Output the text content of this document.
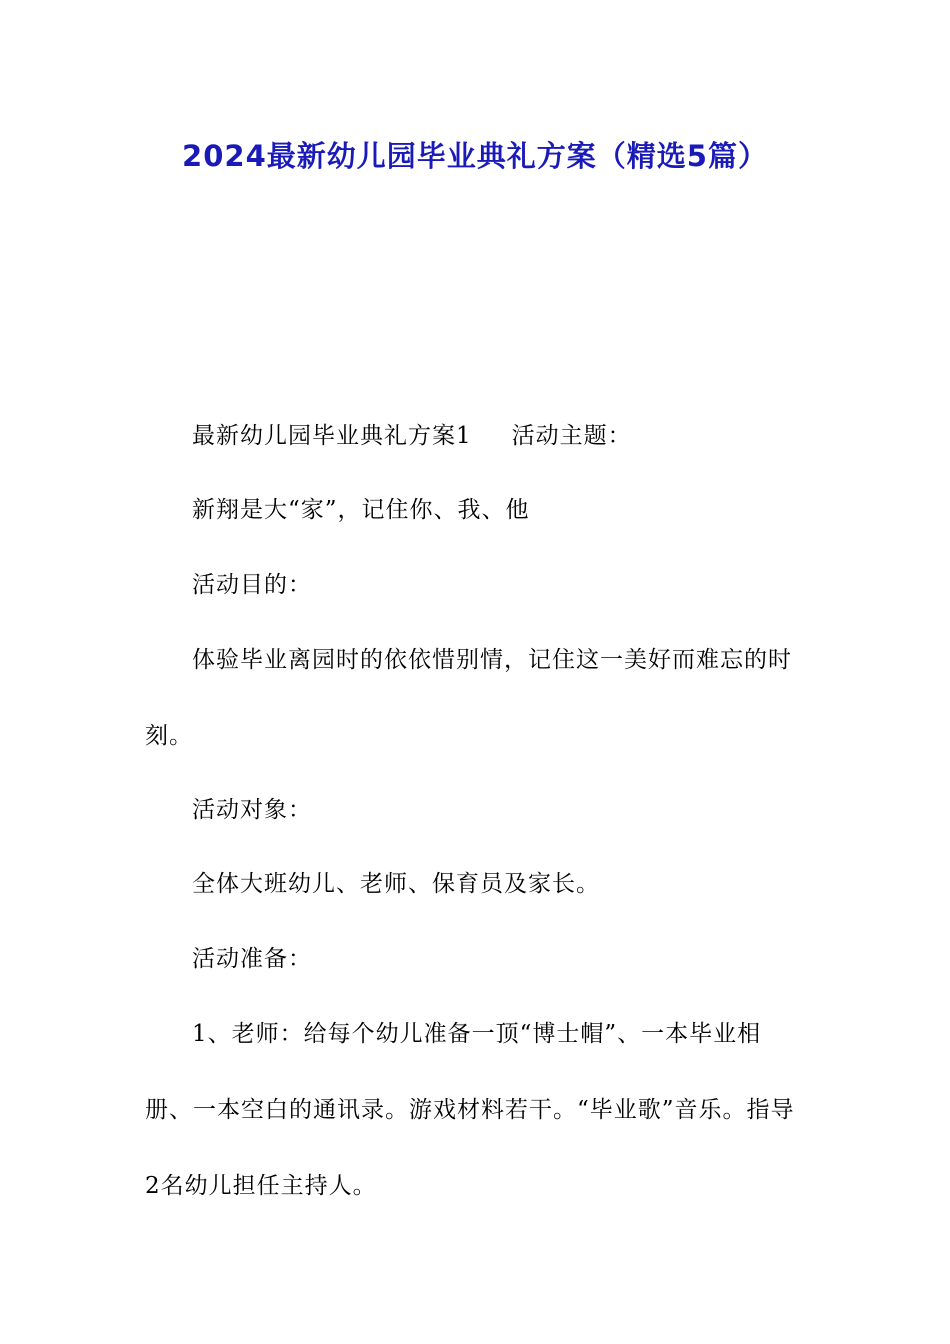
2024最新幼儿园毕业典礼方案（精选5篇）

最新幼儿园毕业典礼方案1 活动主题：

新翔是大“家”，记住你、我、他

活动目的：

体验毕业离园时的依依惜别情，记住这一美好而难忘的时刻。

活动对象：

全体大班幼儿、老师、保育员及家长。

活动准备：

1、老师：给每个幼儿准备一顶“博士帽”、一本毕业相册、一本空白的通讯录。游戏材料若干。“毕业歌”音乐。指导2名幼儿担任主持人。
